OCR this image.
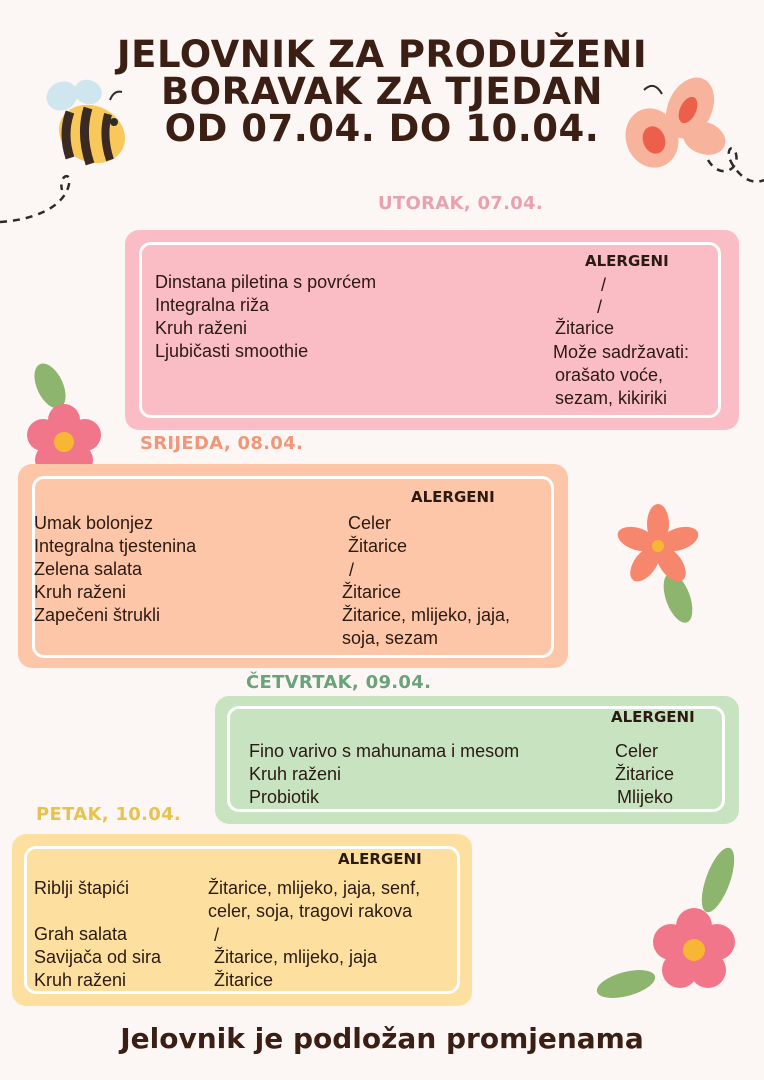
JELOVNIK ZA PRODUŽENI
BORAVAK ZA TJEDAN
OD 07.04. DO 10.04.
UTORAK, 07.04.
ALERGENI
Dinstana piletina s povrćem
Integralna riža
Kruh raženi
Ljubičasti smoothie
/
/
Žitarice
Može sadržavati:
orašato voće,
sezam, kikiriki
SRIJEDA, 08.04.
ALERGENI
Umak bolonjez
Integralna tjestenina
Zelena salata
Kruh raženi
Zapečeni štrukli
Celer
Žitarice
/
Žitarice
Žitarice, mlijeko, jaja,
soja, sezam
ČETVRTAK, 09.04.
ALERGENI
Fino varivo s mahunama i mesom
Kruh raženi
Probiotik
Celer
Žitarice
Mlijeko
PETAK, 10.04.
ALERGENI
Riblji štapići
Grah salata
Savijača od sira
Kruh raženi
Žitarice, mlijeko, jaja, senf,
celer, soja, tragovi rakova
/
Žitarice, mlijeko, jaja
Žitarice
Jelovnik je podložan promjenama
